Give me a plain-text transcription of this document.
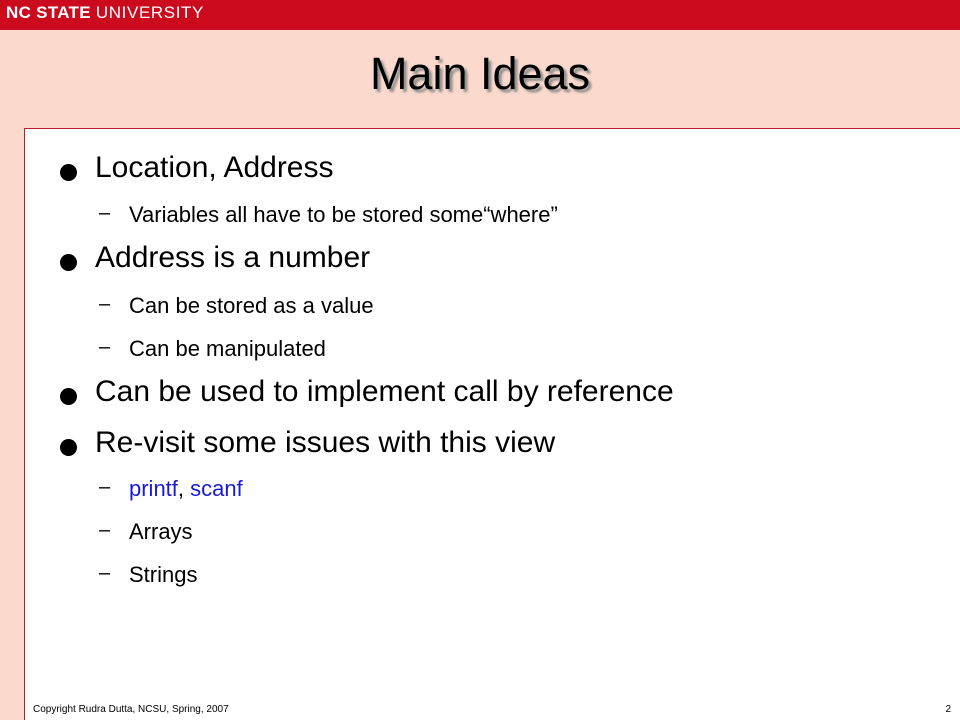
NC STATE UNIVERSITY
Main Ideas
Location, Address
– Variables all have to be stored some“where”
Address is a number
– Can be stored as a value
– Can be manipulated
Can be used to implement call by reference
Re-visit some issues with this view
– printf, scanf
– Arrays
– Strings
Copyright Rudra Dutta, NCSU, Spring, 2007	2
